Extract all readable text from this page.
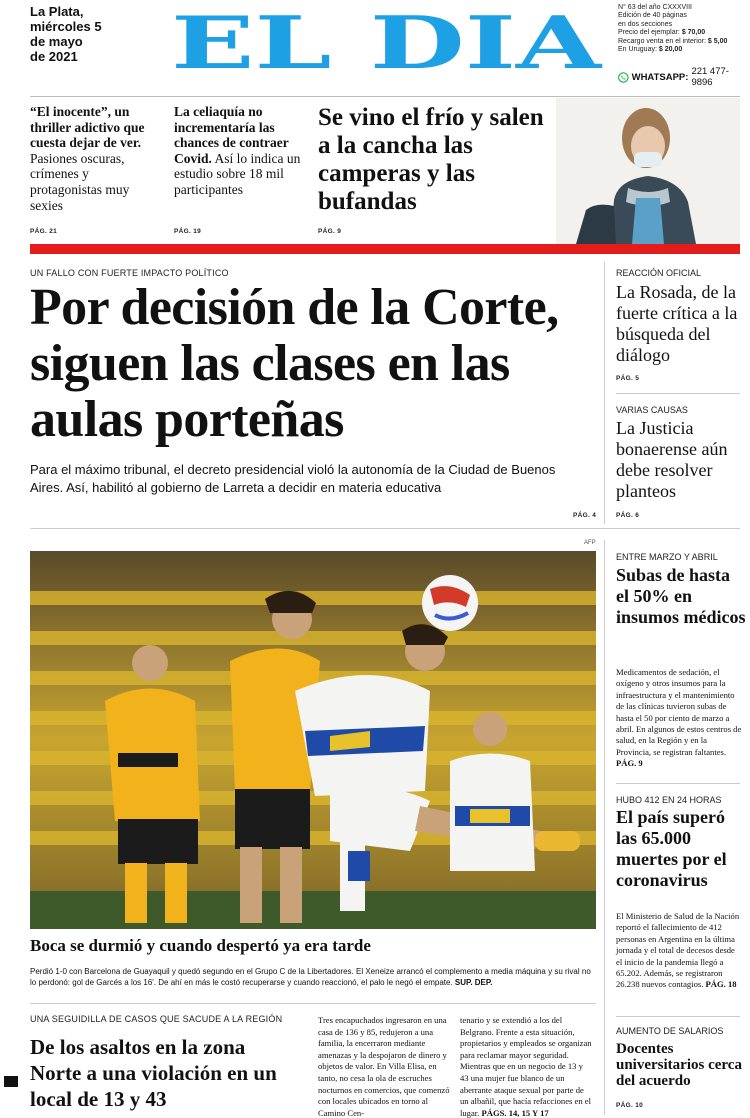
La Plata,
miércoles 5
de mayo
de 2021	EL DIA N° 63 del año CXXXVIII
Edición de 40 páginas
en dos secciones
Precio del ejemplar: $ 70,00
Recargo venta en el interior: $ 5,00
En Uruguay: $ 20,00
WHATSAPP: 221 477-9896
“El inocente”, un thriller adictivo que cuesta dejar de ver. Pasiones oscuras, crímenes y protagonistas muy sexies
PÁG. 21
La celiaquía no incrementaría las chances de contraer Covid. Así lo indica un estudio sobre 18 mil participantes
PÁG. 19
Se vino el frío y salen a la cancha las camperas y las bufandas
PÁG. 9
UN FALLO CON FUERTE IMPACTO POLÍTICO
Por decisión de la Corte, siguen las clases en las aulas porteñas
Para el máximo tribunal, el decreto presidencial violó la autonomía de la Ciudad de Buenos Aires. Así, habilitó al gobierno de Larreta a decidir en materia educativa
PÁG. 4
REACCIÓN OFICIAL
La Rosada, de la fuerte crítica a la búsqueda del diálogo
PÁG. 5
VARIAS CAUSAS
La Justicia bonaerense aún debe resolver planteos
PÁG. 6
AFP
Boca se durmió y cuando despertó ya era tarde
Perdió 1-0 con Barcelona de Guayaquil y quedó segundo en el Grupo C de la Libertadores. El Xeneize arrancó el complemento a media máquina y su rival no lo perdonó: gol de Garcés a los 16'. De ahí en más le costó recuperarse y cuando reaccionó, el palo le negó el empate. SUP. DEP.
ENTRE MARZO Y ABRIL
Subas de hasta el 50% en insumos médicos
Medicamentos de sedación, el oxígeno y otros insumos para la infraestructura y el mantenimiento de las clínicas tuvieron subas de hasta el 50 por ciento de marzo a abril. En algunos de estos centros de salud, en la Región y en la Provincia, se registran faltantes. PÁG. 9
HUBO 412 EN 24 HORAS
El país superó las 65.000 muertes por el coronavirus
El Ministerio de Salud de la Nación reportó el fallecimiento de 412 personas en Argentina en la última jornada y el total de decesos desde el inicio de la pandemia llegó a 65.202. Además, se registraron 26.238 nuevos contagios. PÁG. 18
AUMENTO DE SALARIOS
Docentes universitarios cerca del acuerdo
PÁG. 10
UNA SEGUIDILLA DE CASOS QUE SACUDE A LA REGIÓN
De los asaltos en la zona Norte a una violación en un local de 13 y 43
Tres encapuchados ingresaron en una casa de 136 y 85, redujeron a una familia, la encerraron mediante amenazas y la despojaron de dinero y objetos de valor. En Villa Elisa, en tanto, no cesa la ola de escruches nocturnos en comercios, que comenzó con locales ubicados en torno al Camino Cen-
tenario y se extendió a los del Belgrano. Frente a esta situación, propietarios y empleados se organizan para reclamar mayor seguridad. Mientras que en un negocio de 13 y 43 una mujer fue blanco de un aberrante ataque sexual por parte de un albañil, que hacía refacciones en el lugar. PÁGS. 14, 15 Y 17
